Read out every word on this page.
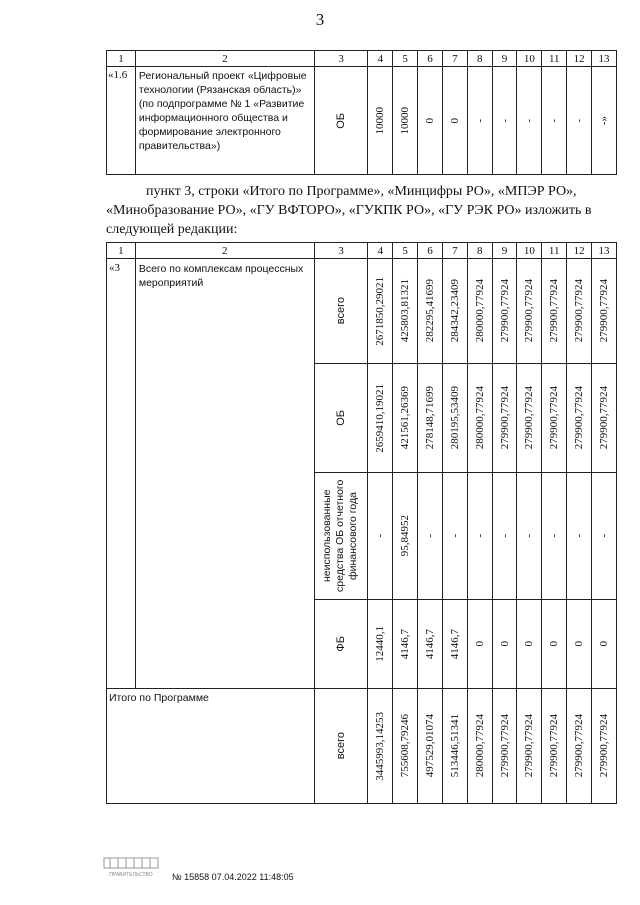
3
1	2	3	4	5	6	7	8	9	10	11	12	13
«1.6	Региональный проект «Цифровые технологии (Рязанская область)» (по подпрограмме № 1 «Развитие информационного общества и формирование электронного правительства»)	ОБ	10000	10000	0	0	-	-	-	-	-	-»
пункт 3, строки «Итого по Программе», «Минцифры РО», «МПЭР РО», «Минобразование РО», «ГУ ВФТОРО», «ГУКПК РО», «ГУ РЭК РО» изложить в следующей редакции:
1	2	3	4	5	6	7	8	9	10	11	12	13
«3	Всего по комплексам процессных мероприятий	всего	2671850,29021	425803,81321	282295,41699	284342,23409	280000,77924	279900,77924	279900,77924	279900,77924	279900,77924	279900,77924

		ОБ	2659410,19021	421561,26369	278148,71699	280195,53409	280000,77924	279900,77924	279900,77924	279900,77924	279900,77924	279900,77924

		неиспользованные средства ОБ отчетного финансового года	-	95,84952	-	-	-	-	-	-	-	-

		ФБ	12440,1	4146,7	4146,7	4146,7	0	0	0	0	0	0

Итого по Программе		всего	3445993,14253	755608,79246	497529,01074	513446,51341	280000,77924	279900,77924	279900,77924	279900,77924	279900,77924	279900,77924
ПРАВИТЕЛЬСТВО № 15858 07.04.2022 11:48:05
